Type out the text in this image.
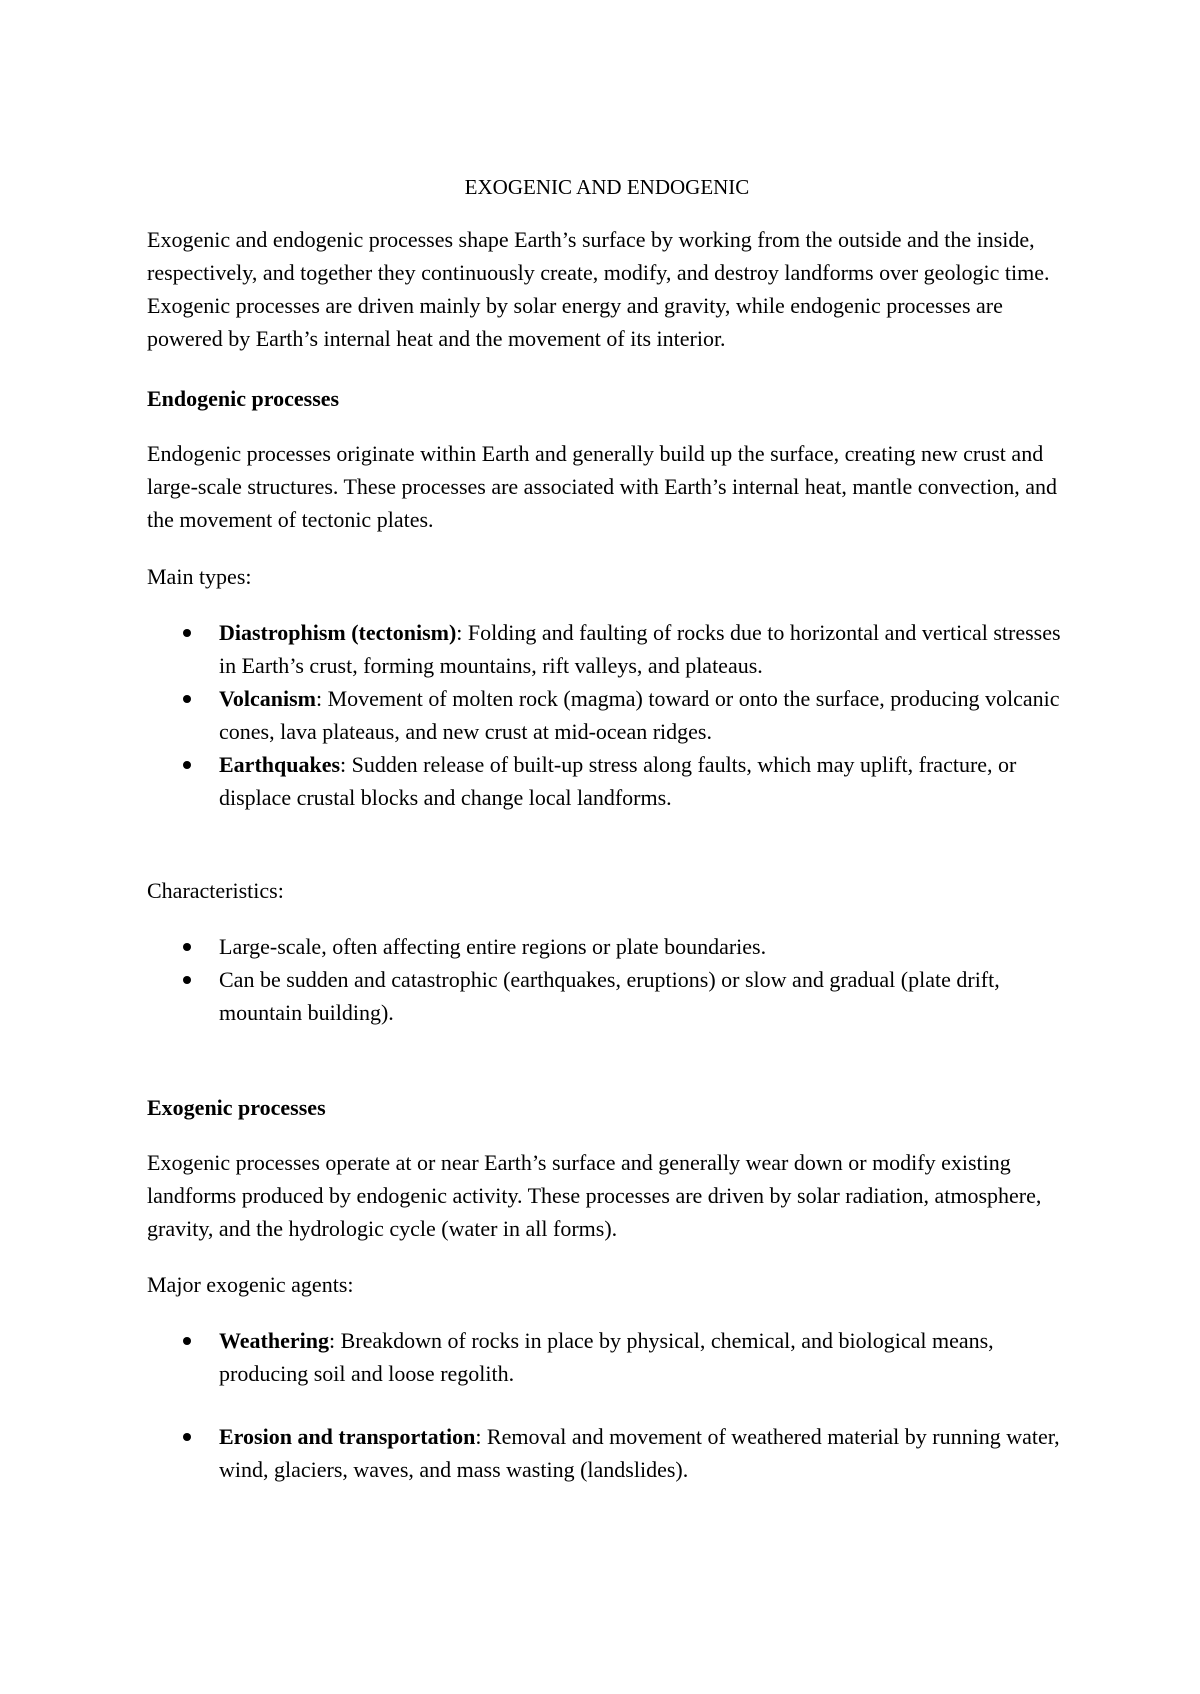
EXOGENIC AND ENDOGENIC

Exogenic and endogenic processes shape Earth’s surface by working from the outside and the inside, respectively, and together they continuously create, modify, and destroy landforms over geologic time. Exogenic processes are driven mainly by solar energy and gravity, while endogenic processes are powered by Earth’s internal heat and the movement of its interior.

Endogenic processes

Endogenic processes originate within Earth and generally build up the surface, creating new crust and large-scale structures. These processes are associated with Earth’s internal heat, mantle convection, and the movement of tectonic plates.

Main types:

Diastrophism (tectonism): Folding and faulting of rocks due to horizontal and vertical stresses in Earth’s crust, forming mountains, rift valleys, and plateaus.
Volcanism: Movement of molten rock (magma) toward or onto the surface, producing volcanic cones, lava plateaus, and new crust at mid-ocean ridges.
Earthquakes: Sudden release of built-up stress along faults, which may uplift, fracture, or displace crustal blocks and change local landforms.

Characteristics:

Large-scale, often affecting entire regions or plate boundaries.
Can be sudden and catastrophic (earthquakes, eruptions) or slow and gradual (plate drift, mountain building).

Exogenic processes

Exogenic processes operate at or near Earth’s surface and generally wear down or modify existing landforms produced by endogenic activity. These processes are driven by solar radiation, atmosphere, gravity, and the hydrologic cycle (water in all forms).

Major exogenic agents:

Weathering: Breakdown of rocks in place by physical, chemical, and biological means, producing soil and loose regolith.
Erosion and transportation: Removal and movement of weathered material by running water, wind, glaciers, waves, and mass wasting (landslides).
